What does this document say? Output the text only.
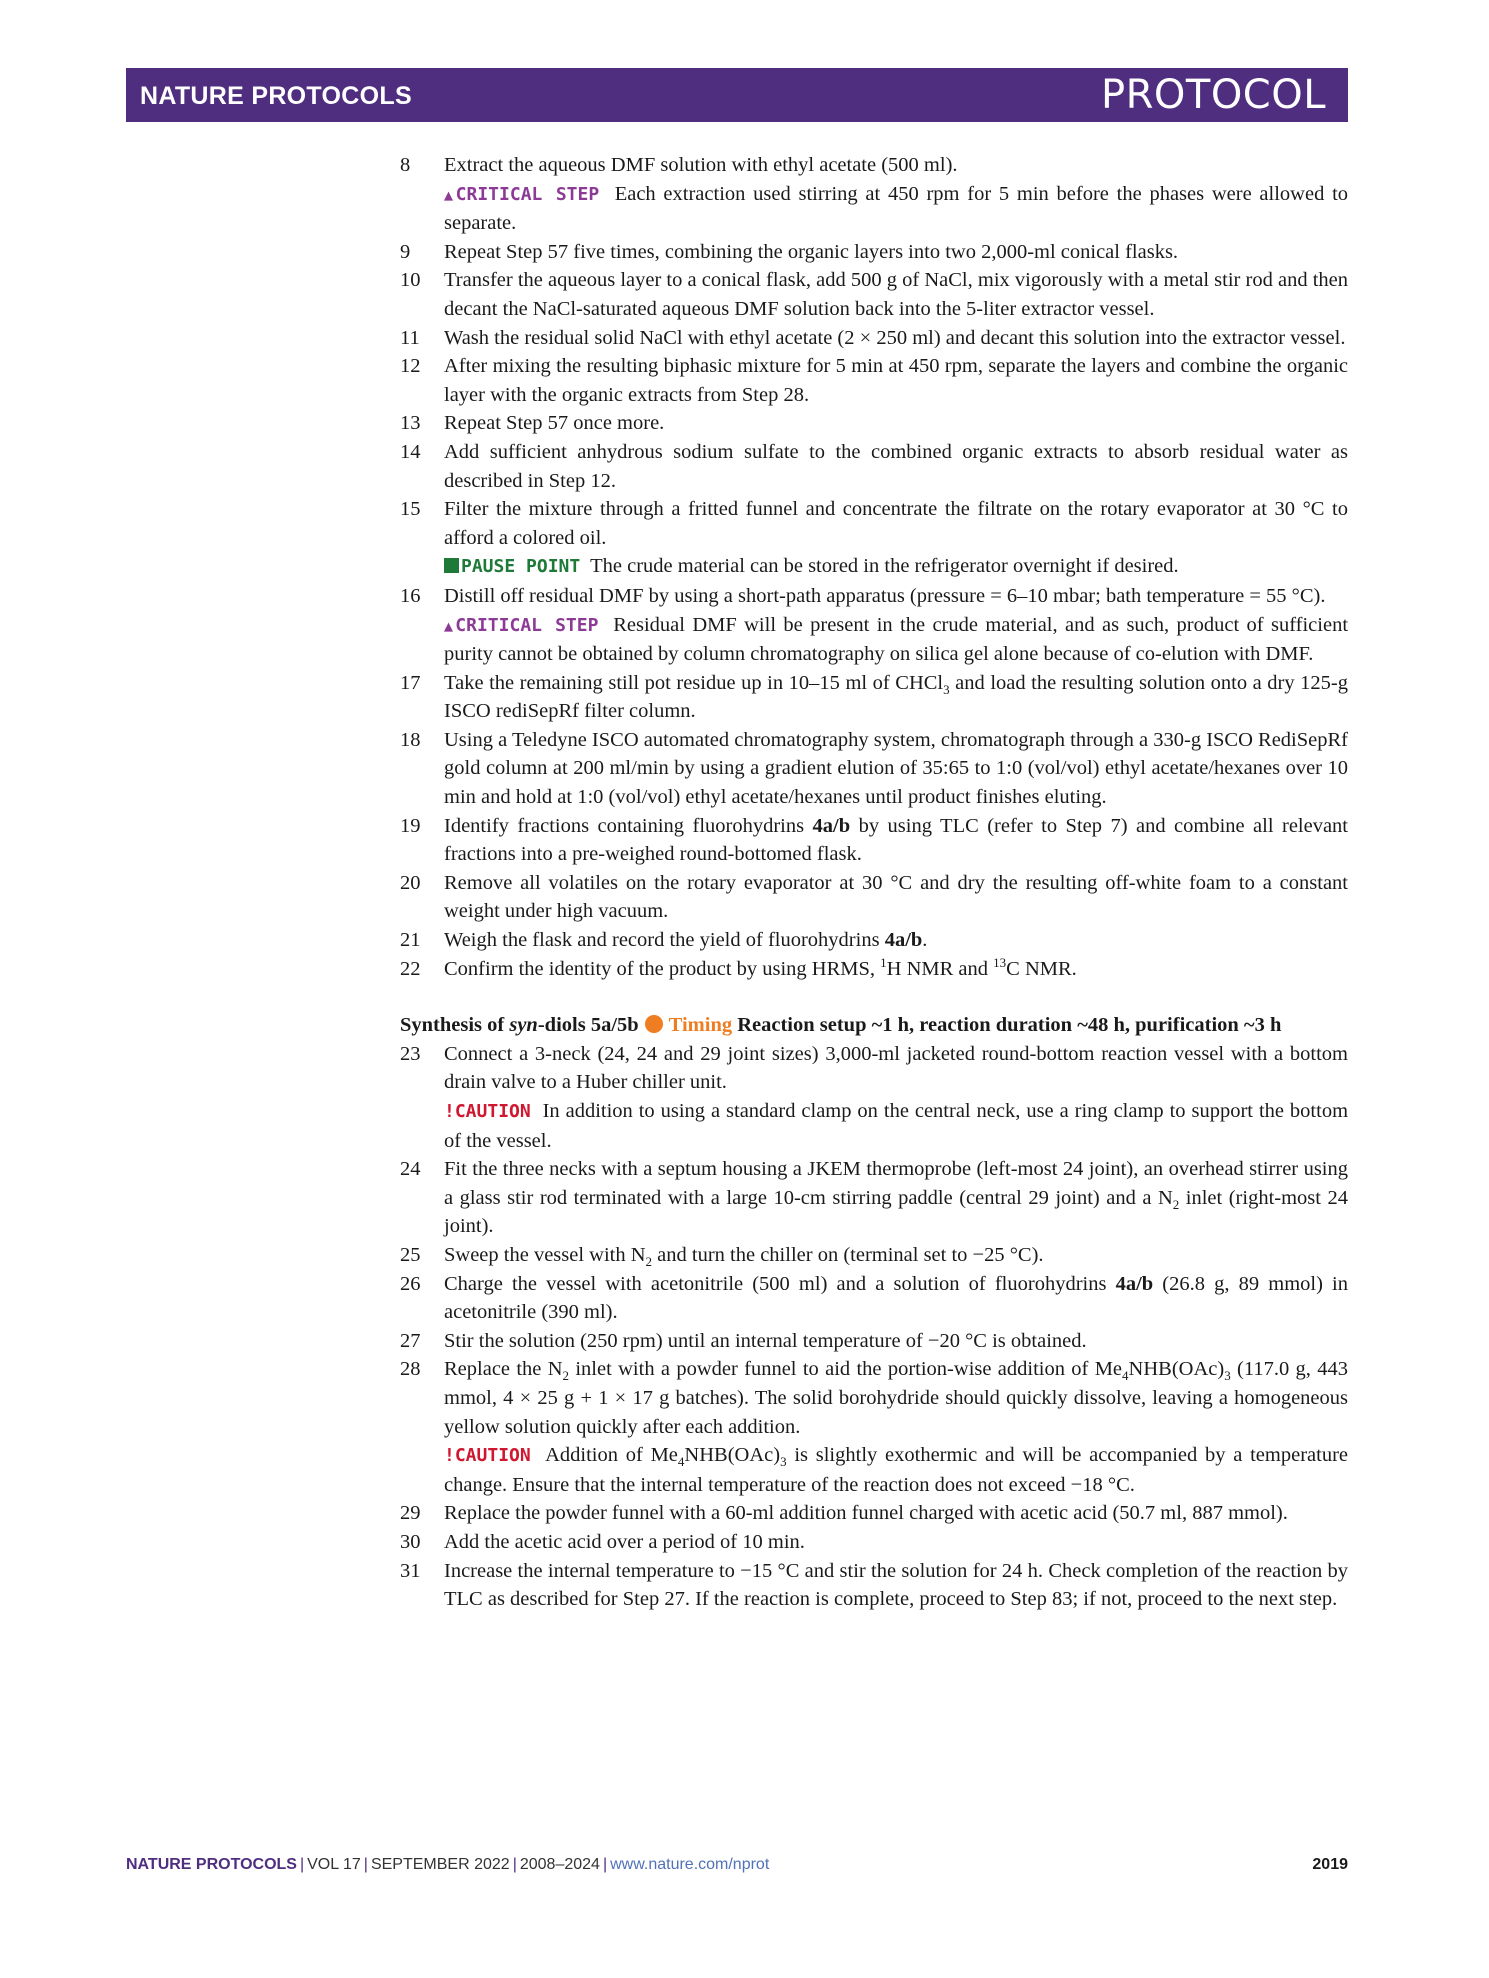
NATURE PROTOCOLS	PROTOCOL
8	Extract the aqueous DMF solution with ethyl acetate (500 ml).
▲CRITICAL STEP Each extraction used stirring at 450 rpm for 5 min before the phases were allowed to separate.
9	Repeat Step 57 five times, combining the organic layers into two 2,000-ml conical flasks.
10	Transfer the aqueous layer to a conical flask, add 500 g of NaCl, mix vigorously with a metal stir rod and then decant the NaCl-saturated aqueous DMF solution back into the 5-liter extractor vessel.
11	Wash the residual solid NaCl with ethyl acetate (2 × 250 ml) and decant this solution into the extractor vessel.
12	After mixing the resulting biphasic mixture for 5 min at 450 rpm, separate the layers and combine the organic layer with the organic extracts from Step 28.
13	Repeat Step 57 once more.
14	Add sufficient anhydrous sodium sulfate to the combined organic extracts to absorb residual water as described in Step 12.
15	Filter the mixture through a fritted funnel and concentrate the filtrate on the rotary evaporator at 30 °C to afford a colored oil.
PAUSE POINT The crude material can be stored in the refrigerator overnight if desired.
16	Distill off residual DMF by using a short-path apparatus (pressure = 6–10 mbar; bath temperature = 55 °C).
▲CRITICAL STEP Residual DMF will be present in the crude material, and as such, product of sufficient purity cannot be obtained by column chromatography on silica gel alone because of co-elution with DMF.
17	Take the remaining still pot residue up in 10–15 ml of CHCl$_3$ and load the resulting solution onto a dry 125-g ISCO rediSepRf filter column.
18	Using a Teledyne ISCO automated chromatography system, chromatograph through a 330-g ISCO RediSepRf gold column at 200 ml/min by using a gradient elution of 35:65 to 1:0 (vol/vol) ethyl acetate/hexanes over 10 min and hold at 1:0 (vol/vol) ethyl acetate/hexanes until product finishes eluting.
19	Identify fractions containing fluorohydrins 4a/b by using TLC (refer to Step 7) and combine all relevant fractions into a pre-weighed round-bottomed flask.
20	Remove all volatiles on the rotary evaporator at 30 °C and dry the resulting off-white foam to a constant weight under high vacuum.
21	Weigh the flask and record the yield of fluorohydrins 4a/b.
22	Confirm the identity of the product by using HRMS, $^1$H NMR and $^{13}$C NMR.
Synthesis of syn-diols 5a/5b Timing Reaction setup ~1 h, reaction duration ~48 h, purification ~3 h
23	Connect a 3-neck (24, 24 and 29 joint sizes) 3,000-ml jacketed round-bottom reaction vessel with a bottom drain valve to a Huber chiller unit.
!CAUTION In addition to using a standard clamp on the central neck, use a ring clamp to support the bottom of the vessel.
24	Fit the three necks with a septum housing a JKEM thermoprobe (left-most 24 joint), an overhead stirrer using a glass stir rod terminated with a large 10-cm stirring paddle (central 29 joint) and a $N_2$ inlet (right-most 24 joint).
25	Sweep the vessel with $N_2$ and turn the chiller on (terminal set to −25 °C).
26	Charge the vessel with acetonitrile (500 ml) and a solution of fluorohydrins 4a/b (26.8 g, 89 mmol) in acetonitrile (390 ml).
27	Stir the solution (250 rpm) until an internal temperature of −20 °C is obtained.
28	Replace the $N_2$ inlet with a powder funnel to aid the portion-wise addition of $Me_4NHB(OAc)_3$ (117.0 g, 443 mmol, 4 × 25 g + 1 × 17 g batches). The solid borohydride should quickly dissolve, leaving a homogeneous yellow solution quickly after each addition.
!CAUTION Addition of $Me_4NHB(OAc)_3$ is slightly exothermic and will be accompanied by a temperature change. Ensure that the internal temperature of the reaction does not exceed −18 °C.
29	Replace the powder funnel with a 60-ml addition funnel charged with acetic acid (50.7 ml, 887 mmol).
30	Add the acetic acid over a period of 10 min.
31	Increase the internal temperature to −15 °C and stir the solution for 24 h. Check completion of the reaction by TLC as described for Step 27. If the reaction is complete, proceed to Step 83; if not, proceed to the next step.
NATURE PROTOCOLS | VOL 17 | SEPTEMBER 2022 | 2008–2024 | www.nature.com/nprot	2019
